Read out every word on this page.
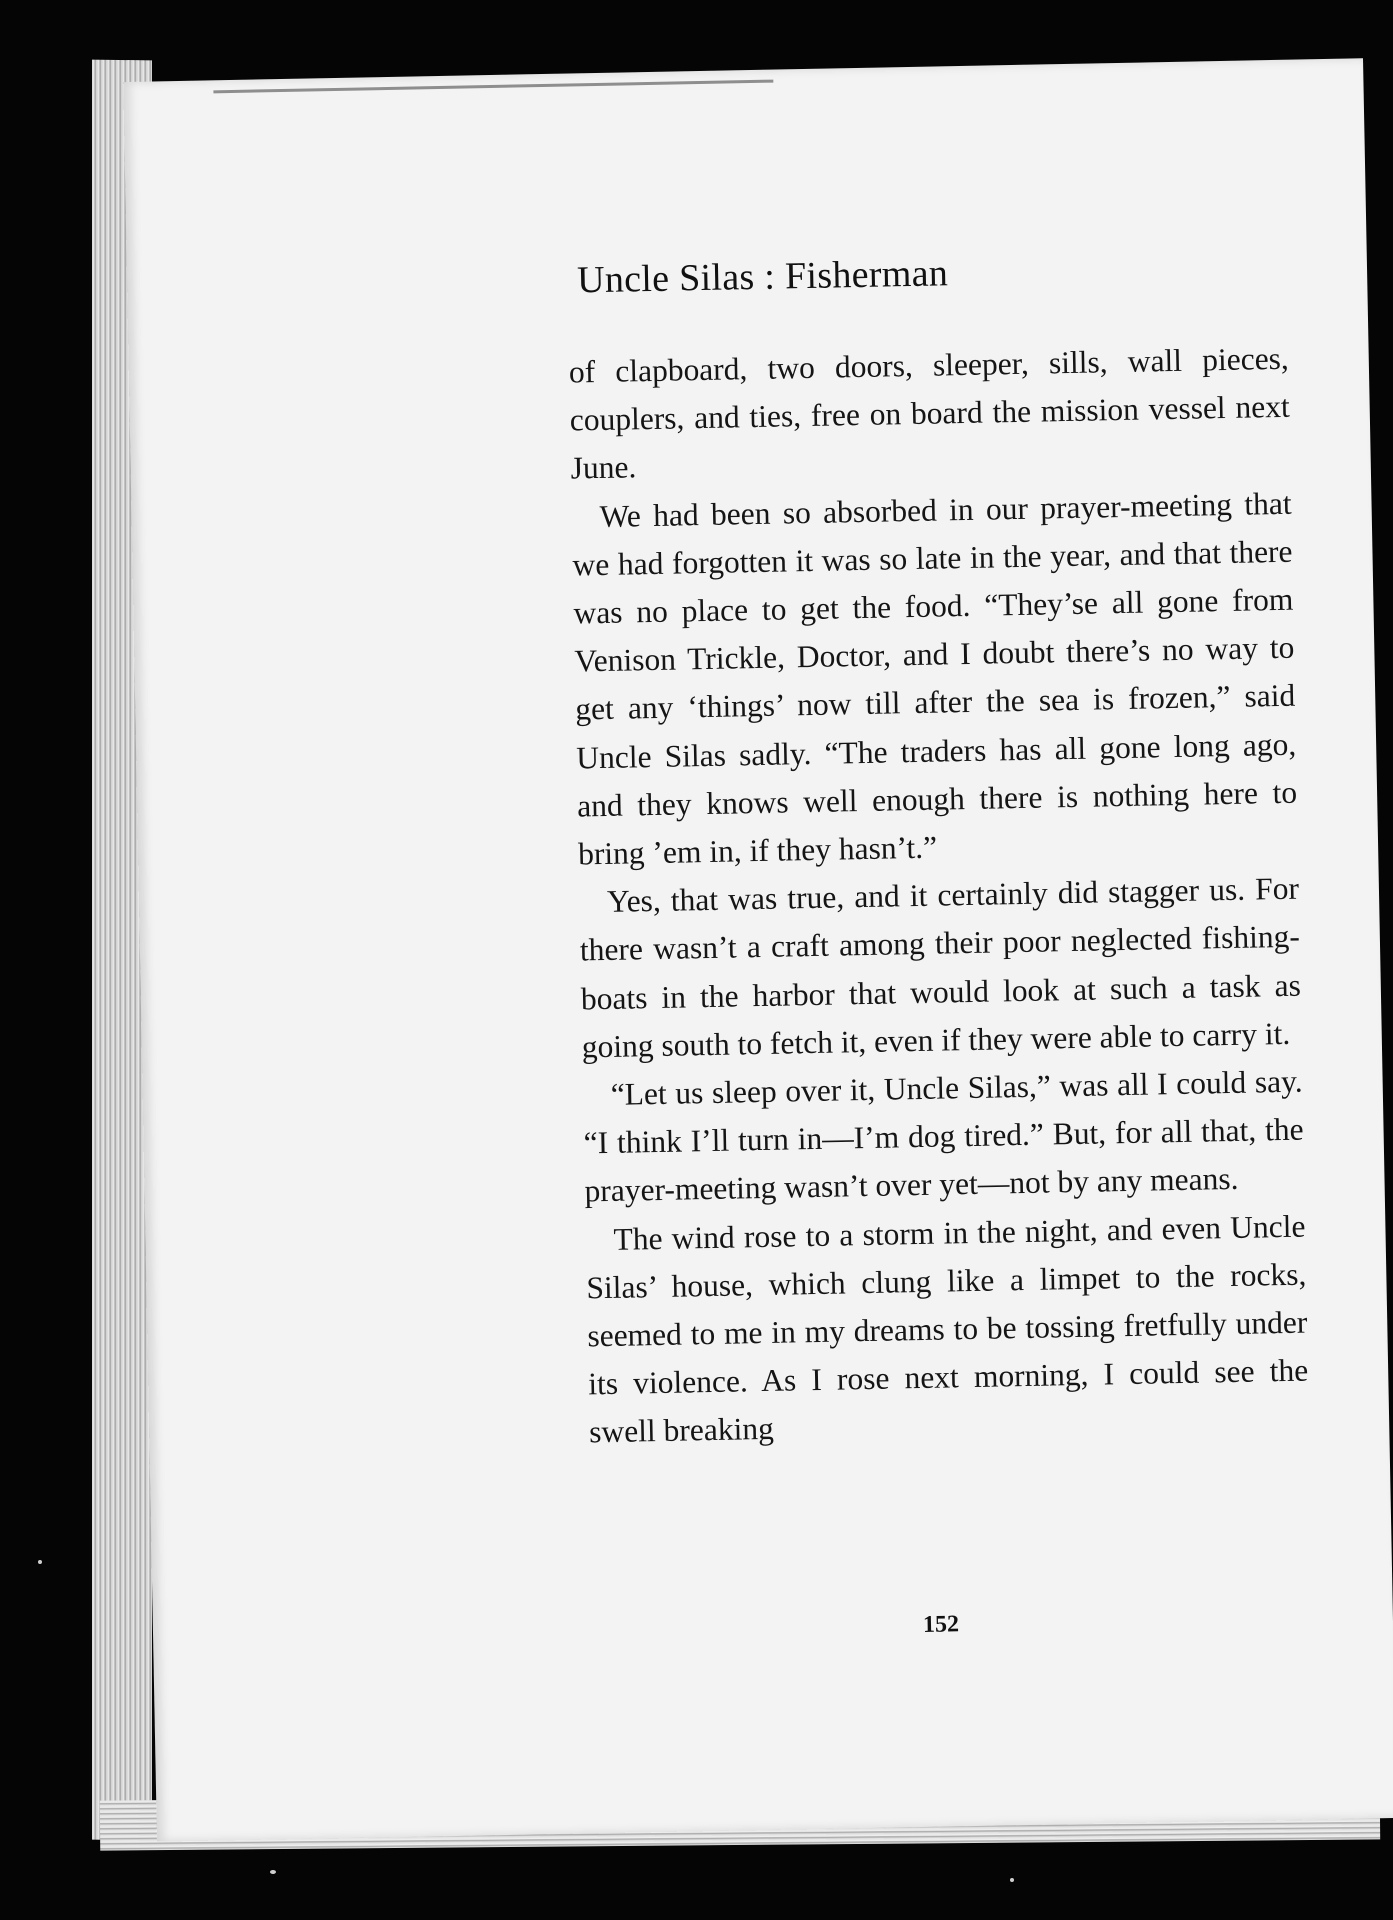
Uncle Silas : Fisherman

of clapboard, two doors, sleeper, sills, wall pieces, couplers, and ties, free on board the mission vessel next June.

We had been so absorbed in our prayer-meeting that we had forgotten it was so late in the year, and that there was no place to get the food. “They’se all gone from Venison Trickle, Doctor, and I doubt there’s no way to get any ‘things’ now till after the sea is frozen,” said Uncle Silas sadly. “The traders has all gone long ago, and they knows well enough there is nothing here to bring ’em in, if they hasn’t.”

Yes, that was true, and it certainly did stagger us. For there wasn’t a craft among their poor neglected fishing-boats in the harbor that would look at such a task as going south to fetch it, even if they were able to carry it.

“Let us sleep over it, Uncle Silas,” was all I could say. “I think I’ll turn in—I’m dog tired.” But, for all that, the prayer-meeting wasn’t over yet—not by any means.

The wind rose to a storm in the night, and even Uncle Silas’ house, which clung like a limpet to the rocks, seemed to me in my dreams to be tossing fretfully under its violence. As I rose next morning, I could see the swell breaking

152
